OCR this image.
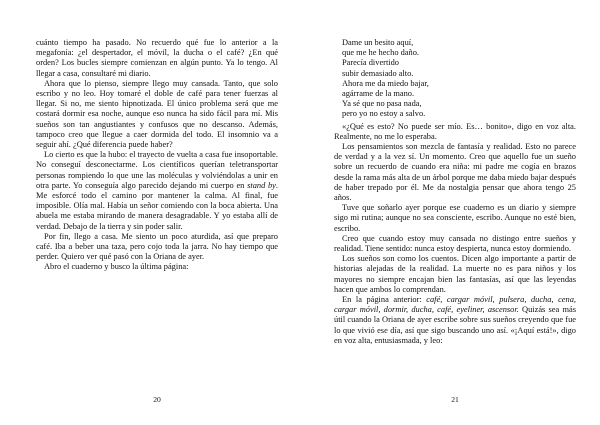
cuánto tiempo ha pasado. No recuerdo qué fue lo anterior a la megafonía: ¿el despertador, el móvil, la ducha o el café? ¿En qué orden? Los bucles siempre comienzan en algún punto. Ya lo tengo. Al llegar a casa, consultaré mi diario.

Ahora que lo pienso, siempre llego muy cansada. Tanto, que solo escribo y no leo. Hoy tomaré el doble de café para tener fuerzas al llegar. Si no, me siento hipnotizada. El único problema será que me costará dormir esa noche, aunque eso nunca ha sido fácil para mí. Mis sueños son tan angustiantes y confusos que no descanso. Además, tampoco creo que llegue a caer dormida del todo. El insomnio va a seguir ahí. ¿Qué diferencia puede haber?

Lo cierto es que la hubo: el trayecto de vuelta a casa fue insoportable. No conseguí desconectarme. Los científicos querían teletransportar personas rompiendo lo que une las moléculas y volviéndolas a unir en otra parte. Yo conseguía algo parecido dejando mi cuerpo en stand by. Me esforcé todo el camino por mantener la calma. Al final, fue imposible. Olía mal. Había un señor comiendo con la boca abierta. Una abuela me estaba mirando de manera desagradable. Y yo estaba allí de verdad. Debajo de la tierra y sin poder salir.

Por fin, llego a casa. Me siento un poco aturdida, así que preparo café. Iba a beber una taza, pero cojo toda la jarra. No hay tiempo que perder. Quiero ver qué pasó con la Oriana de ayer.

Abro el cuaderno y busco la última página:

Dame un besito aquí,
que me he hecho daño.
Parecía divertido
subir demasiado alto.
Ahora me da miedo bajar,
agárrame de la mano.
Ya sé que no pasa nada,
pero yo no estoy a salvo.

«¿Qué es esto? No puede ser mío. Es… bonito», digo en voz alta. Realmente, no me lo esperaba.

Los pensamientos son mezcla de fantasía y realidad. Esto no parece de verdad y a la vez sí. Un momento. Creo que aquello fue un sueño sobre un recuerdo de cuando era niña: mi padre me cogía en brazos desde la rama más alta de un árbol porque me daba miedo bajar después de haber trepado por él. Me da nostalgia pensar que ahora tengo 25 años.

Tuve que soñarlo ayer porque ese cuaderno es un diario y siempre sigo mi rutina; aunque no sea consciente, escribo. Aunque no esté bien, escribo.

Creo que cuando estoy muy cansada no distingo entre sueños y realidad. Tiene sentido: nunca estoy despierta, nunca estoy dormiendo.

Los sueños son como los cuentos. Dicen algo importante a partir de historias alejadas de la realidad. La muerte no es para niños y los mayores no siempre encajan bien las fantasías, así que las leyendas hacen que ambos lo comprendan.

En la página anterior: café, cargar móvil, pulsera, ducha, cena, cargar móvil, dormir, ducha, café, eyeliner, ascensor. Quizás sea más útil cuando la Oriana de ayer escribe sobre sus sueños creyendo que fue lo que vivió ese día, así que sigo buscando uno así. «¡Aquí está!», digo en voz alta, entusiasmada, y leo:

20	21
